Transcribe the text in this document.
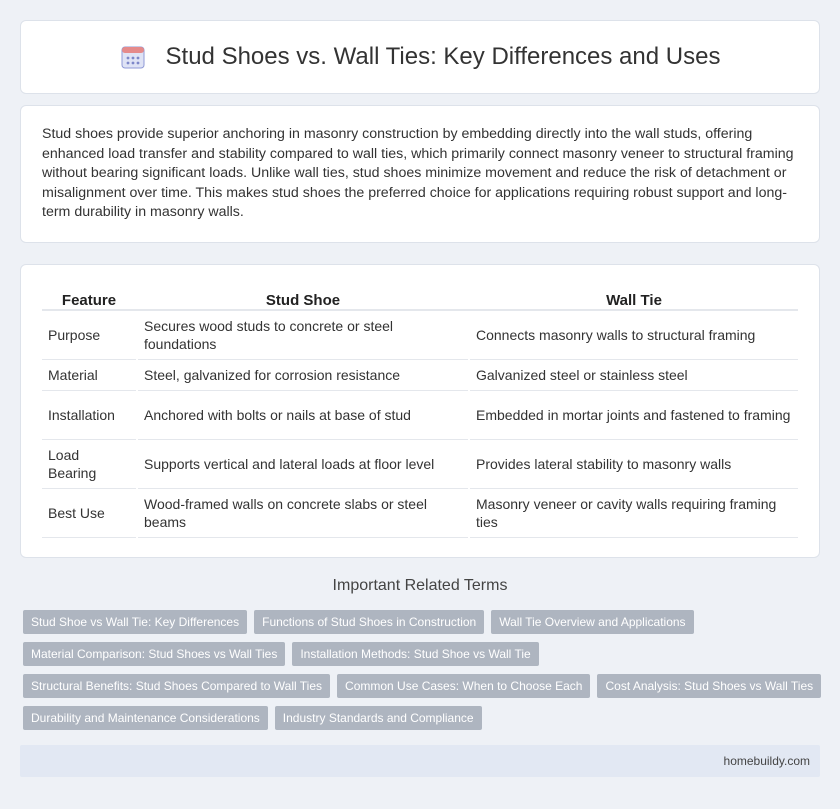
Stud Shoes vs. Wall Ties: Key Differences and Uses

Stud shoes provide superior anchoring in masonry construction by embedding directly into the wall studs, offering enhanced load transfer and stability compared to wall ties, which primarily connect masonry veneer to structural framing without bearing significant loads. Unlike wall ties, stud shoes minimize movement and reduce the risk of detachment or misalignment over time. This makes stud shoes the preferred choice for applications requiring robust support and long-term durability in masonry walls.

Feature	Stud Shoe	Wall Tie
Purpose	Secures wood studs to concrete or steel foundations	Connects masonry walls to structural framing
Material	Steel, galvanized for corrosion resistance	Galvanized steel or stainless steel
Installation	Anchored with bolts or nails at base of stud	Embedded in mortar joints and fastened to framing
Load Bearing	Supports vertical and lateral loads at floor level	Provides lateral stability to masonry walls
Best Use	Wood-framed walls on concrete slabs or steel beams	Masonry veneer or cavity walls requiring framing ties
Important Related Terms
Stud Shoe vs Wall Tie: Key Differences	Functions of Stud Shoes in Construction	Wall Tie Overview and Applications
Material Comparison: Stud Shoes vs Wall Ties	Installation Methods: Stud Shoe vs Wall Tie
Structural Benefits: Stud Shoes Compared to Wall Ties	Common Use Cases: When to Choose Each	Cost Analysis: Stud Shoes vs Wall Ties
Durability and Maintenance Considerations	Industry Standards and Compliance
homebuildy.com
